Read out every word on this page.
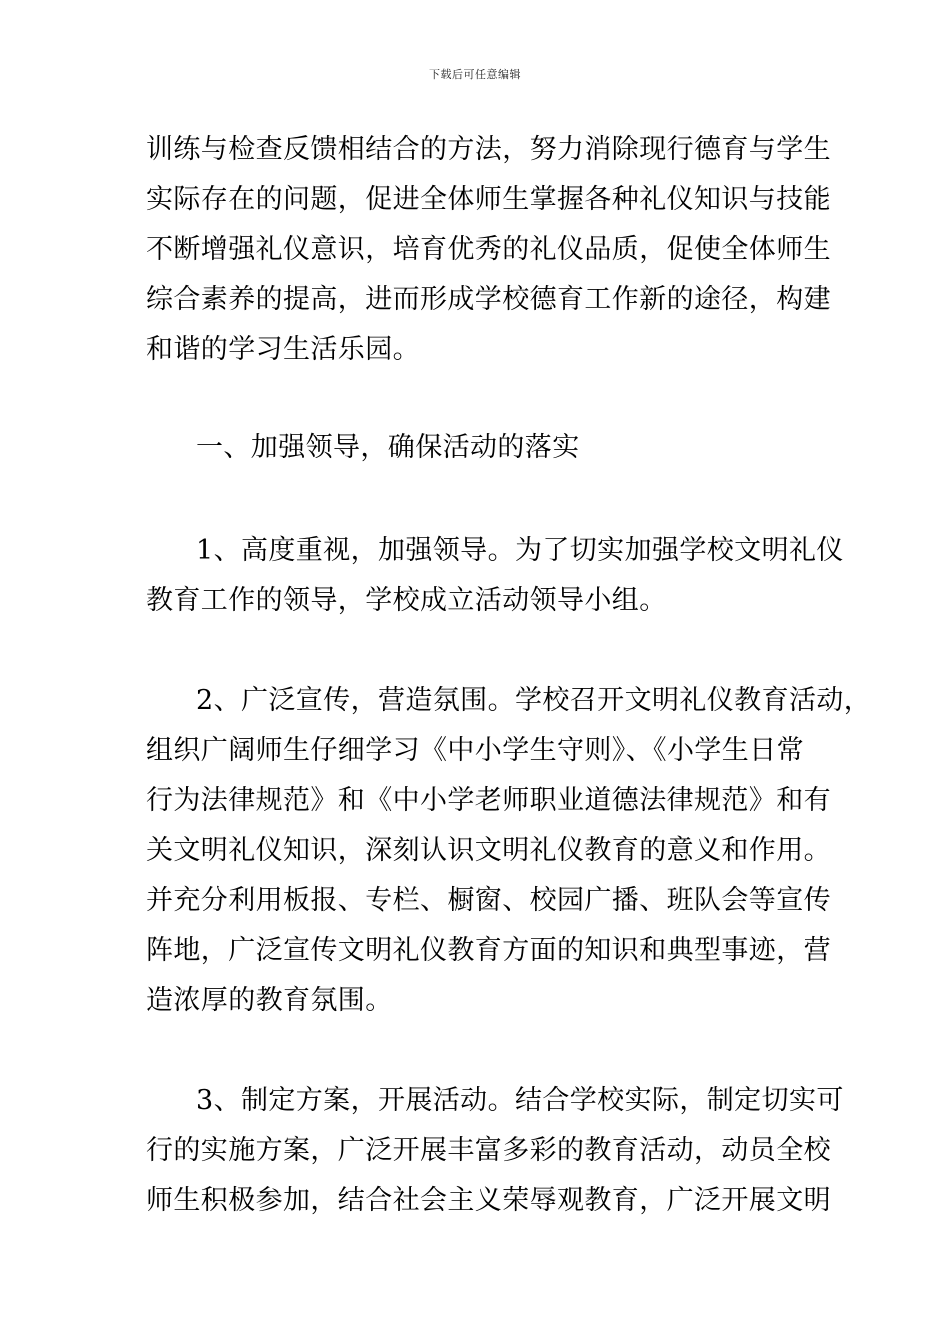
下载后可任意编辑
训练与检查反馈相结合的方法，努力消除现行德育与学生
实际存在的问题，促进全体师生掌握各种礼仪知识与技能
不断增强礼仪意识，培育优秀的礼仪品质，促使全体师生
综合素养的提高，进而形成学校德育工作新的途径，构建
和谐的学习生活乐园。
一、加强领导，确保活动的落实
1、高度重视，加强领导。为了切实加强学校文明礼仪
教育工作的领导，学校成立活动领导小组。
2、广泛宣传，营造氛围。学校召开文明礼仪教育活动，
组织广阔师生仔细学习《中小学生守则》、《小学生日常
行为法律规范》和《中小学老师职业道德法律规范》和有
关文明礼仪知识，深刻认识文明礼仪教育的意义和作用。
并充分利用板报、专栏、橱窗、校园广播、班队会等宣传
阵地，广泛宣传文明礼仪教育方面的知识和典型事迹，营
造浓厚的教育氛围。
3、制定方案，开展活动。结合学校实际，制定切实可
行的实施方案，广泛开展丰富多彩的教育活动，动员全校
师生积极参加，结合社会主义荣辱观教育，广泛开展文明
